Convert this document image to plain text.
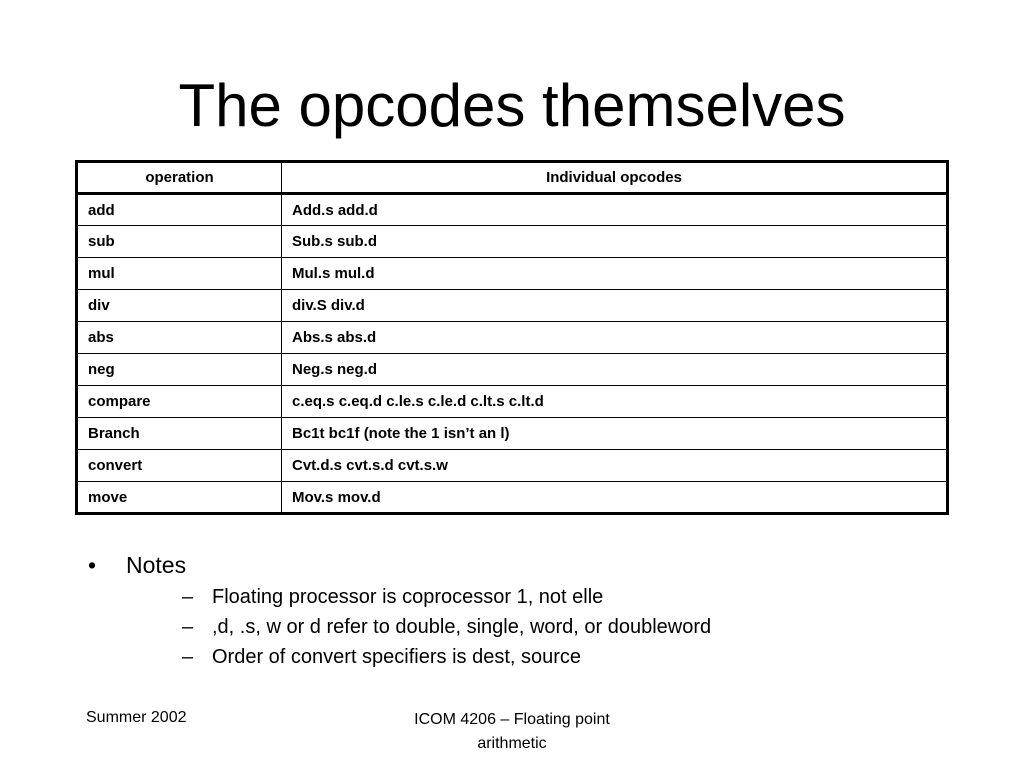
The opcodes themselves
operation	Individual opcodes
add	Add.s add.d
sub	Sub.s sub.d
mul	Mul.s mul.d
div	div.S div.d
abs	Abs.s abs.d
neg	Neg.s neg.d
compare	c.eq.s c.eq.d c.le.s c.le.d c.lt.s c.lt.d
Branch	Bc1t bc1f (note the 1 isn’t an l)
convert	Cvt.d.s cvt.s.d cvt.s.w
move	Mov.s mov.d
• Notes
– Floating processor is coprocessor 1, not elle
– ,d, .s, w or d refer to double, single, word, or doubleword
– Order of convert specifiers is dest, source
Summer 2002	ICOM 4206 – Floating point
arithmetic
